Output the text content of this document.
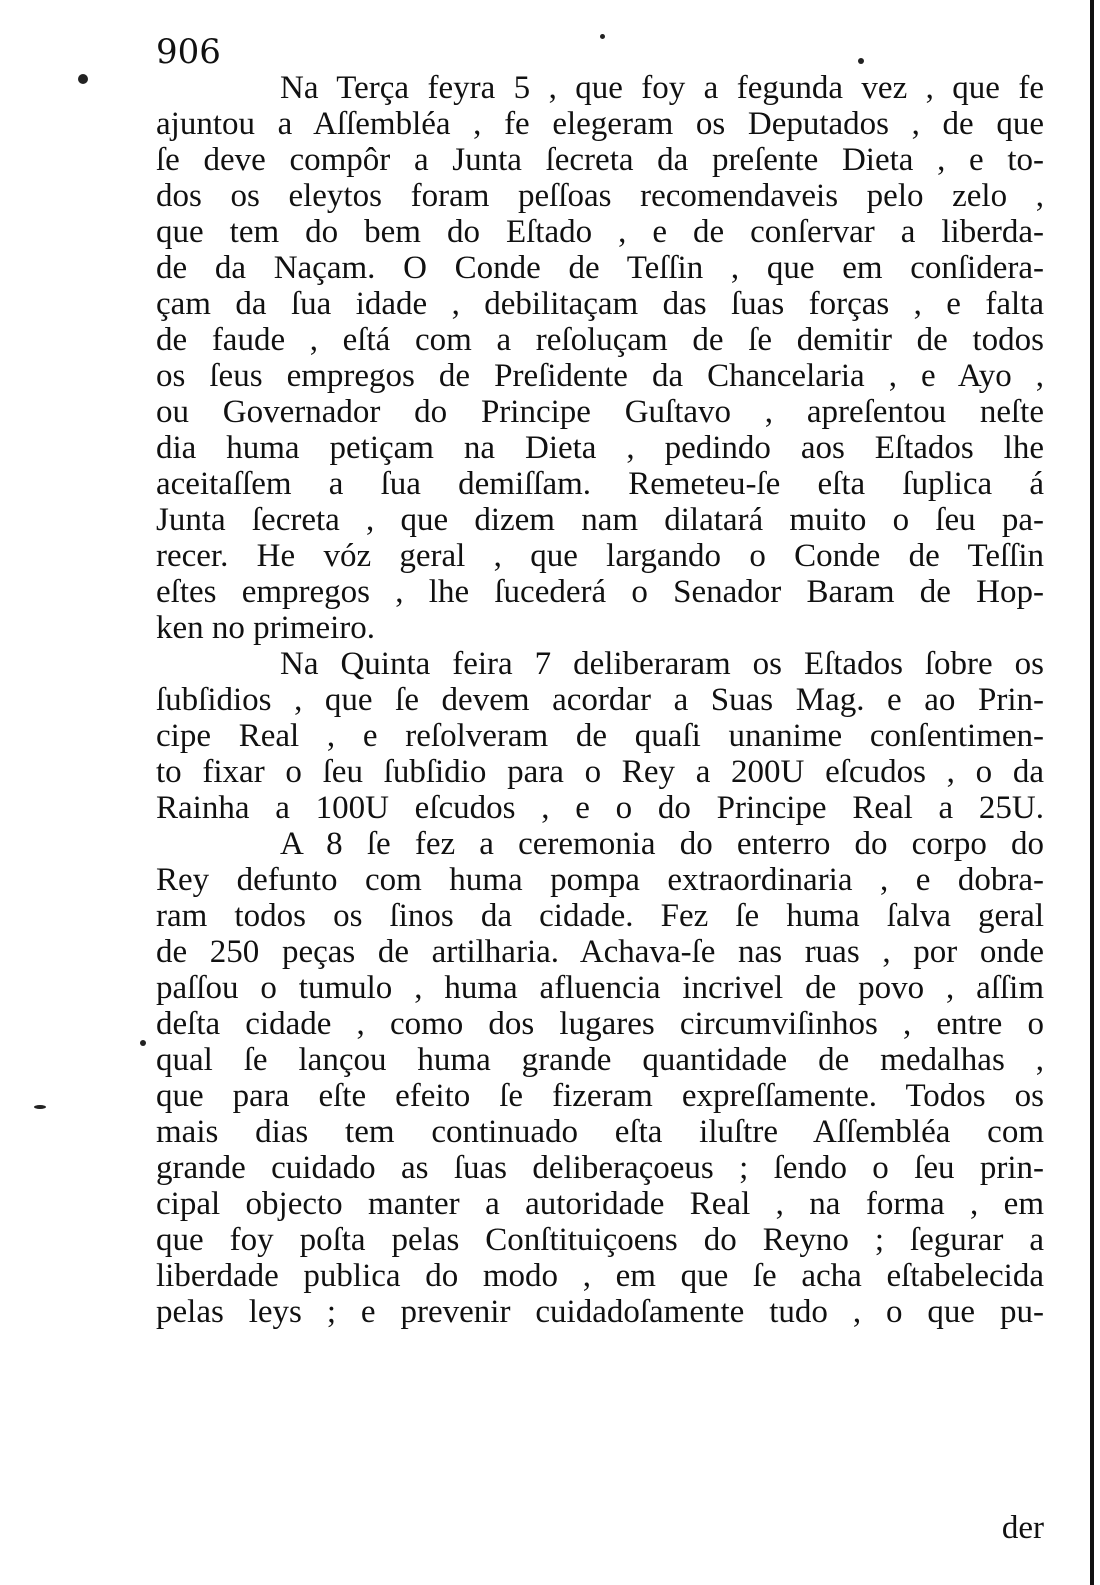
906
Na Terça feyra 5 , que foy a fegunda vez , que fe
ajuntou a Aſſembléa , fe elegeram os Deputados , de que
ſe deve compôr a Junta ſecreta da preſente Dieta , e to-
dos os eleytos foram peſſoas recomendaveis pelo zelo ,
que tem do bem do Eſtado , e de conſervar a liberda-
de da Naçam. O Conde de Teſſin , que em conſidera-
çam da ſua idade , debilitaçam das ſuas forças , e falta
de faude , eſtá com a reſoluçam de ſe demitir de todos
os ſeus empregos de Preſidente da Chancelaria , e Ayo ,
ou Governador do Principe Guſtavo , apreſentou neſte
dia huma petiçam na Dieta , pedindo aos Eſtados lhe
aceitaſſem a ſua demiſſam. Remeteu-ſe eſta ſuplica á
Junta ſecreta , que dizem nam dilatará muito o ſeu pa-
recer. He vóz geral , que largando o Conde de Teſſin
eſtes empregos , lhe ſucederá o Senador Baram de Hop-
ken no primeiro.
Na Quinta feira 7 deliberaram os Eſtados ſobre os
ſubſidios , que ſe devem acordar a Suas Mag. e ao Prin-
cipe Real , e reſolveram de quaſi unanime conſentimen-
to fixar o ſeu ſubſidio para o Rey a 200U eſcudos , o da
Rainha a 100U eſcudos , e o do Principe Real a 25U.
A 8 ſe fez a ceremonia do enterro do corpo do
Rey defunto com huma pompa extraordinaria , e dobra-
ram todos os ſinos da cidade. Fez ſe huma ſalva geral
de 250 peças de artilharia. Achava-ſe nas ruas , por onde
paſſou o tumulo , huma afluencia incrivel de povo , aſſim
deſta cidade , como dos lugares circumviſinhos , entre o
qual ſe lançou huma grande quantidade de medalhas ,
que para eſte efeito ſe fizeram expreſſamente. Todos os
mais dias tem continuado eſta iluſtre Aſſembléa com
grande cuidado as ſuas deliberaçoeus ; ſendo o ſeu prin-
cipal objecto manter a autoridade Real , na forma , em
que foy poſta pelas Conſtituiçoens do Reyno ; ſegurar a
liberdade publica do modo , em que ſe acha eſtabelecida
pelas leys ; e prevenir cuidadoſamente tudo , o que pu-
der
